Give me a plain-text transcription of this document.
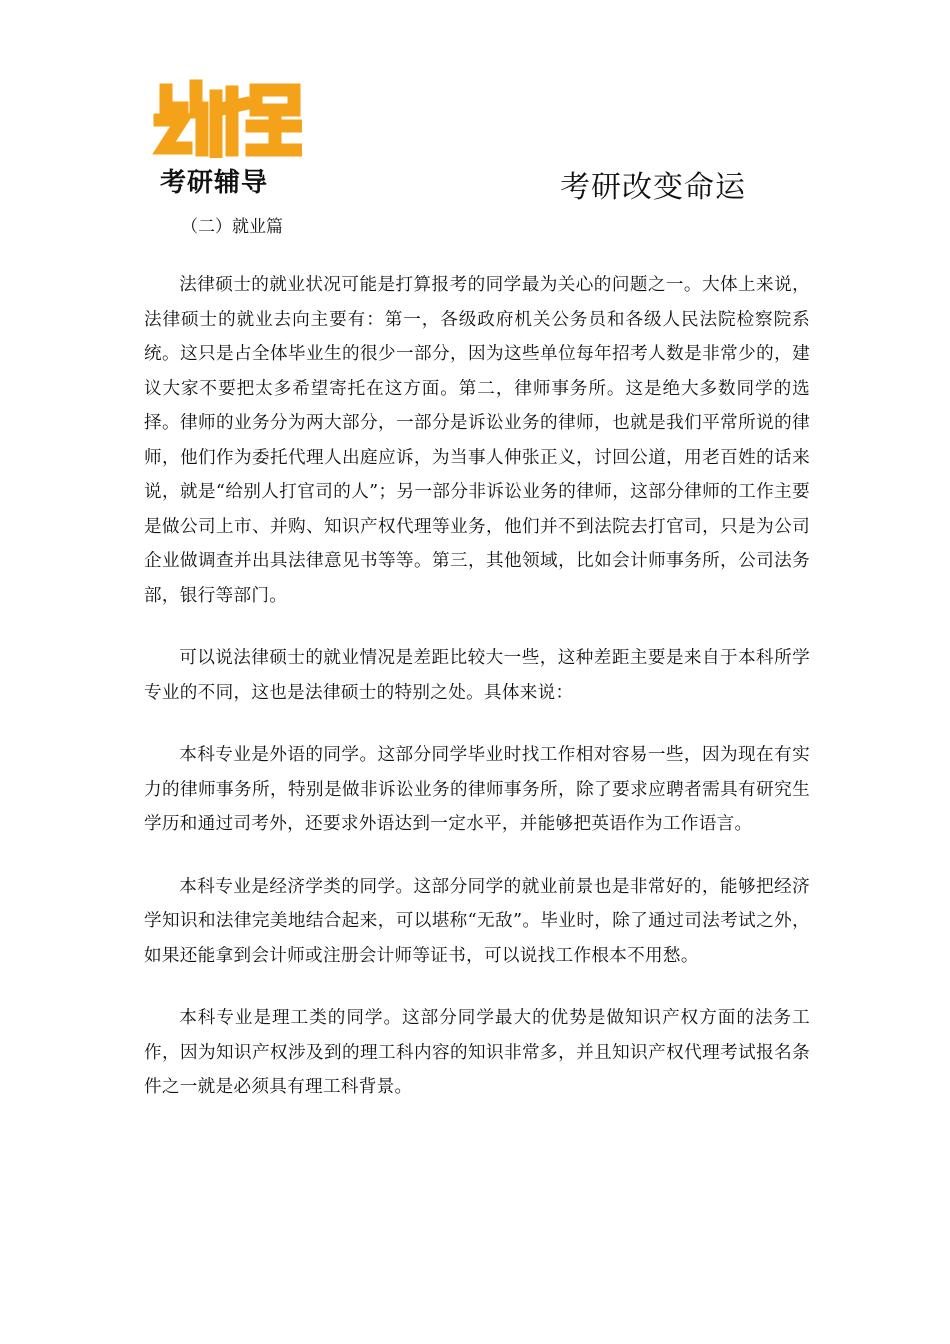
考研辅导	考研改变命运
（二）就业篇

法律硕士的就业状况可能是打算报考的同学最为关心的问题之一。大体上来说，法律硕士的就业去向主要有：第一，各级政府机关公务员和各级人民法院检察院系统。这只是占全体毕业生的很少一部分，因为这些单位每年招考人数是非常少的，建议大家不要把太多希望寄托在这方面。第二，律师事务所。这是绝大多数同学的选择。律师的业务分为两大部分，一部分是诉讼业务的律师，也就是我们平常所说的律师，他们作为委托代理人出庭应诉，为当事人伸张正义，讨回公道，用老百姓的话来说，就是“给别人打官司的人”；另一部分非诉讼业务的律师，这部分律师的工作主要是做公司上市、并购、知识产权代理等业务，他们并不到法院去打官司，只是为公司企业做调查并出具法律意见书等等。第三，其他领域，比如会计师事务所，公司法务部，银行等部门。

可以说法律硕士的就业情况是差距比较大一些，这种差距主要是来自于本科所学专业的不同，这也是法律硕士的特别之处。具体来说：

本科专业是外语的同学。这部分同学毕业时找工作相对容易一些，因为现在有实力的律师事务所，特别是做非诉讼业务的律师事务所，除了要求应聘者需具有研究生学历和通过司考外，还要求外语达到一定水平，并能够把英语作为工作语言。

本科专业是经济学类的同学。这部分同学的就业前景也是非常好的，能够把经济学知识和法律完美地结合起来，可以堪称“无敌”。毕业时，除了通过司法考试之外，如果还能拿到会计师或注册会计师等证书，可以说找工作根本不用愁。

本科专业是理工类的同学。这部分同学最大的优势是做知识产权方面的法务工作，因为知识产权涉及到的理工科内容的知识非常多，并且知识产权代理考试报名条件之一就是必须具有理工科背景。
